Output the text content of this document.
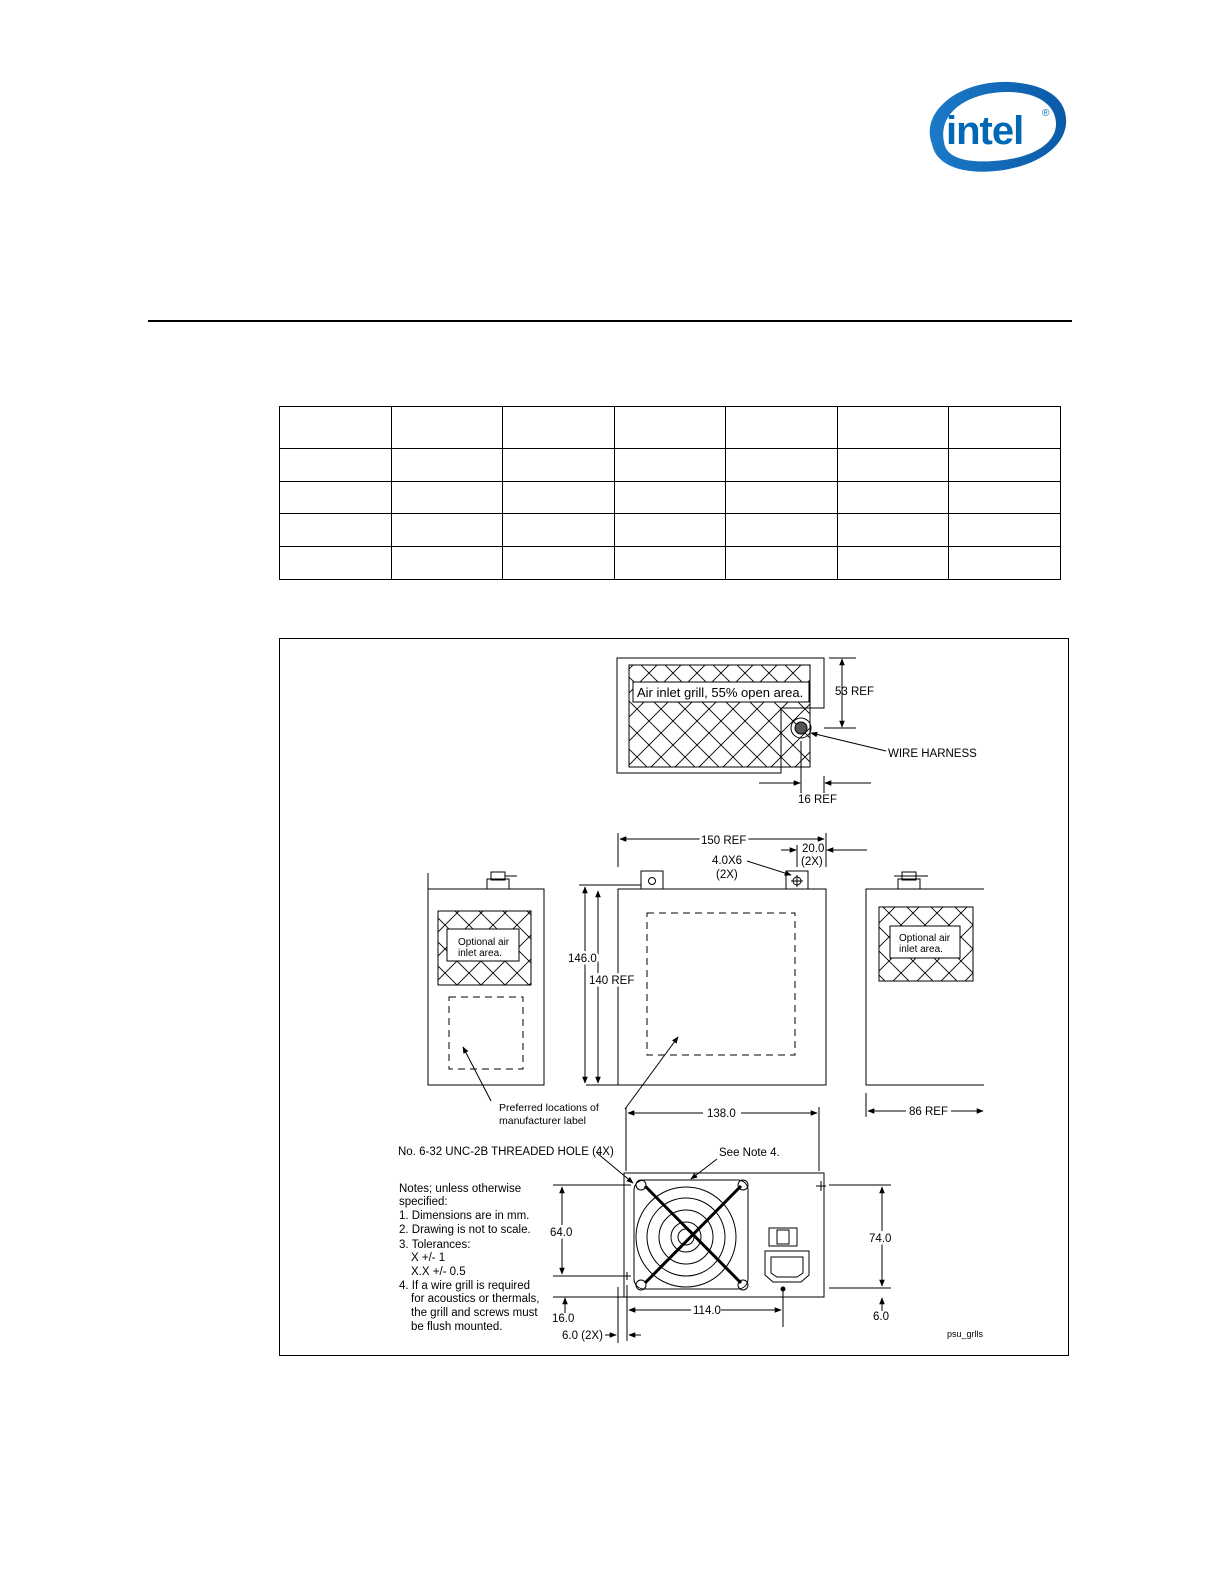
intel ®

Air inlet grill, 55% open area.	53 REF
WIRE HARNESS
16 REF
150 REF
20.0
(2X)
4.0X6
(2X)
146.0
140 REF
Optional air
inlet area.
Optional air
inlet area.
Preferred locations of
manufacturer label
86 REF
138.0
No. 6-32 UNC-2B THREADED HOLE (4X)	See Note 4.
Notes; unless otherwise
specified:
1. Dimensions are in mm.
2. Drawing is not to scale.
3. Tolerances:
X +/- 1
X.X +/- 0.5
4. If a wire grill is required
for acoustics or thermals,
the grill and screws must
be flush mounted.
64.0	74.0
16.0
114.0	6.0
6.0 (2X)	psu_grlls
